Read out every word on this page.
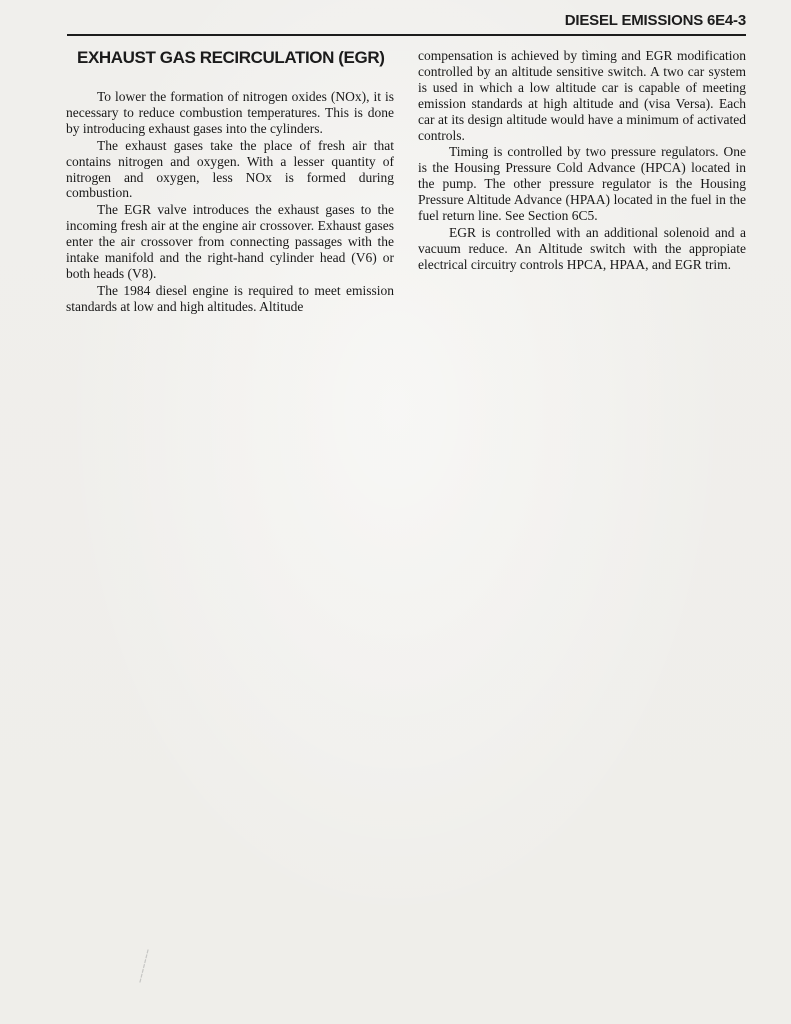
DIESEL EMISSIONS 6E4-3
EXHAUST GAS RECIRCULATION (EGR)

To lower the formation of nitrogen oxides (NOx), it is necessary to reduce combustion temperatures. This is done by introducing exhaust gases into the cylinders.

The exhaust gases take the place of fresh air that contains nitrogen and oxygen. With a lesser quantity of nitrogen and oxygen, less NOx is formed during combustion.

The EGR valve introduces the exhaust gases to the incoming fresh air at the engine air crossover. Exhaust gases enter the air crossover from connecting passages with the intake manifold and the right-hand cylinder head (V6) or both heads (V8).

The 1984 diesel engine is required to meet emission standards at low and high altitudes. Altitude

compensation is achieved by tìming and EGR modification controlled by an altitude sensitive switch. A two car system is used in which a low altitude car is capable of meeting emission standards at high altitude and (visa Versa). Each car at its design altitude would have a minimum of activated controls.

Timing is controlled by two pressure regulators. One is the Housing Pressure Cold Advance (HPCA) located in the pump. The other pressure regulator is the Housing Pressure Altitude Advance (HPAA) located in the fuel in the fuel return line. See Section 6C5.

EGR is controlled with an additional solenoid and a vacuum reduce. An Altitude switch with the appropiate electrical circuitry controls HPCA, HPAA, and EGR trim.
